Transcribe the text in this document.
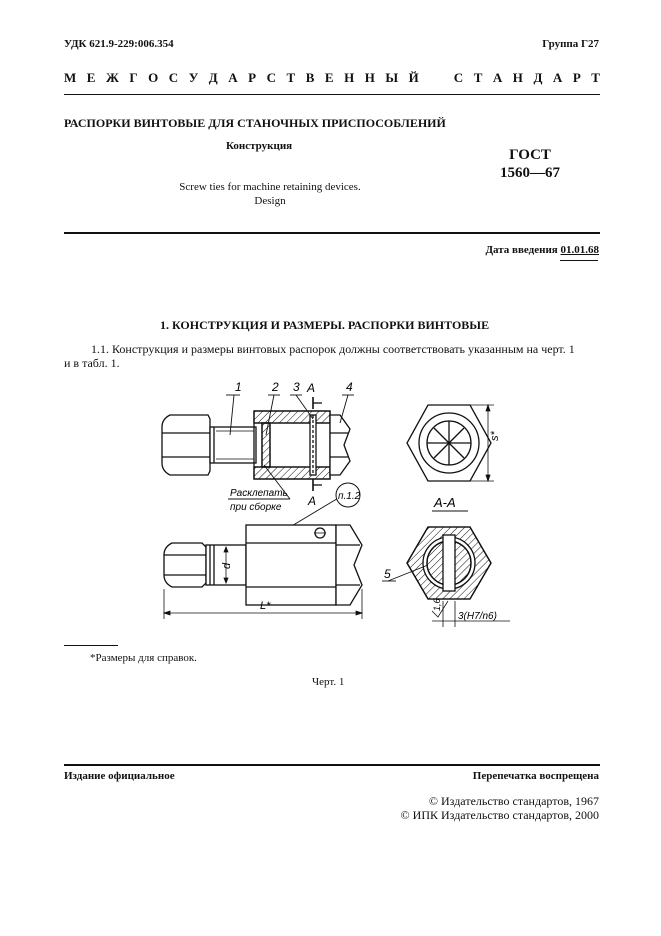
УДК 621.9-229:006.354	Группа Г27
М Е Ж Г О С У Д А Р С Т В Е Н Н Ы Й	С Т А Н Д А Р Т
РАСПОРКИ ВИНТОВЫЕ ДЛЯ СТАНОЧНЫХ ПРИСПОСОБЛЕНИЙ
Конструкция
Screw ties for machine retaining devices.
Design
ГОСТ
1560—67
Дата введения 01.01.68
1. КОНСТРУКЦИЯ И РАЗМЕРЫ. РАСПОРКИ ВИНТОВЫЕ
1.1. Конструкция и размеры винтовых распорок должны соответствовать указанным на черт. 1
и в табл. 1.
1	2 3	4
А
А
Расклепать
при сборке
п.1.2
d
L*
s*
А-А
5
1,6
3(H7/n6)
*Размеры для справок.
Черт. 1
Издание официальное	Перепечатка воспрещена
© Издательство стандартов, 1967
© ИПК Издательство стандартов, 2000
